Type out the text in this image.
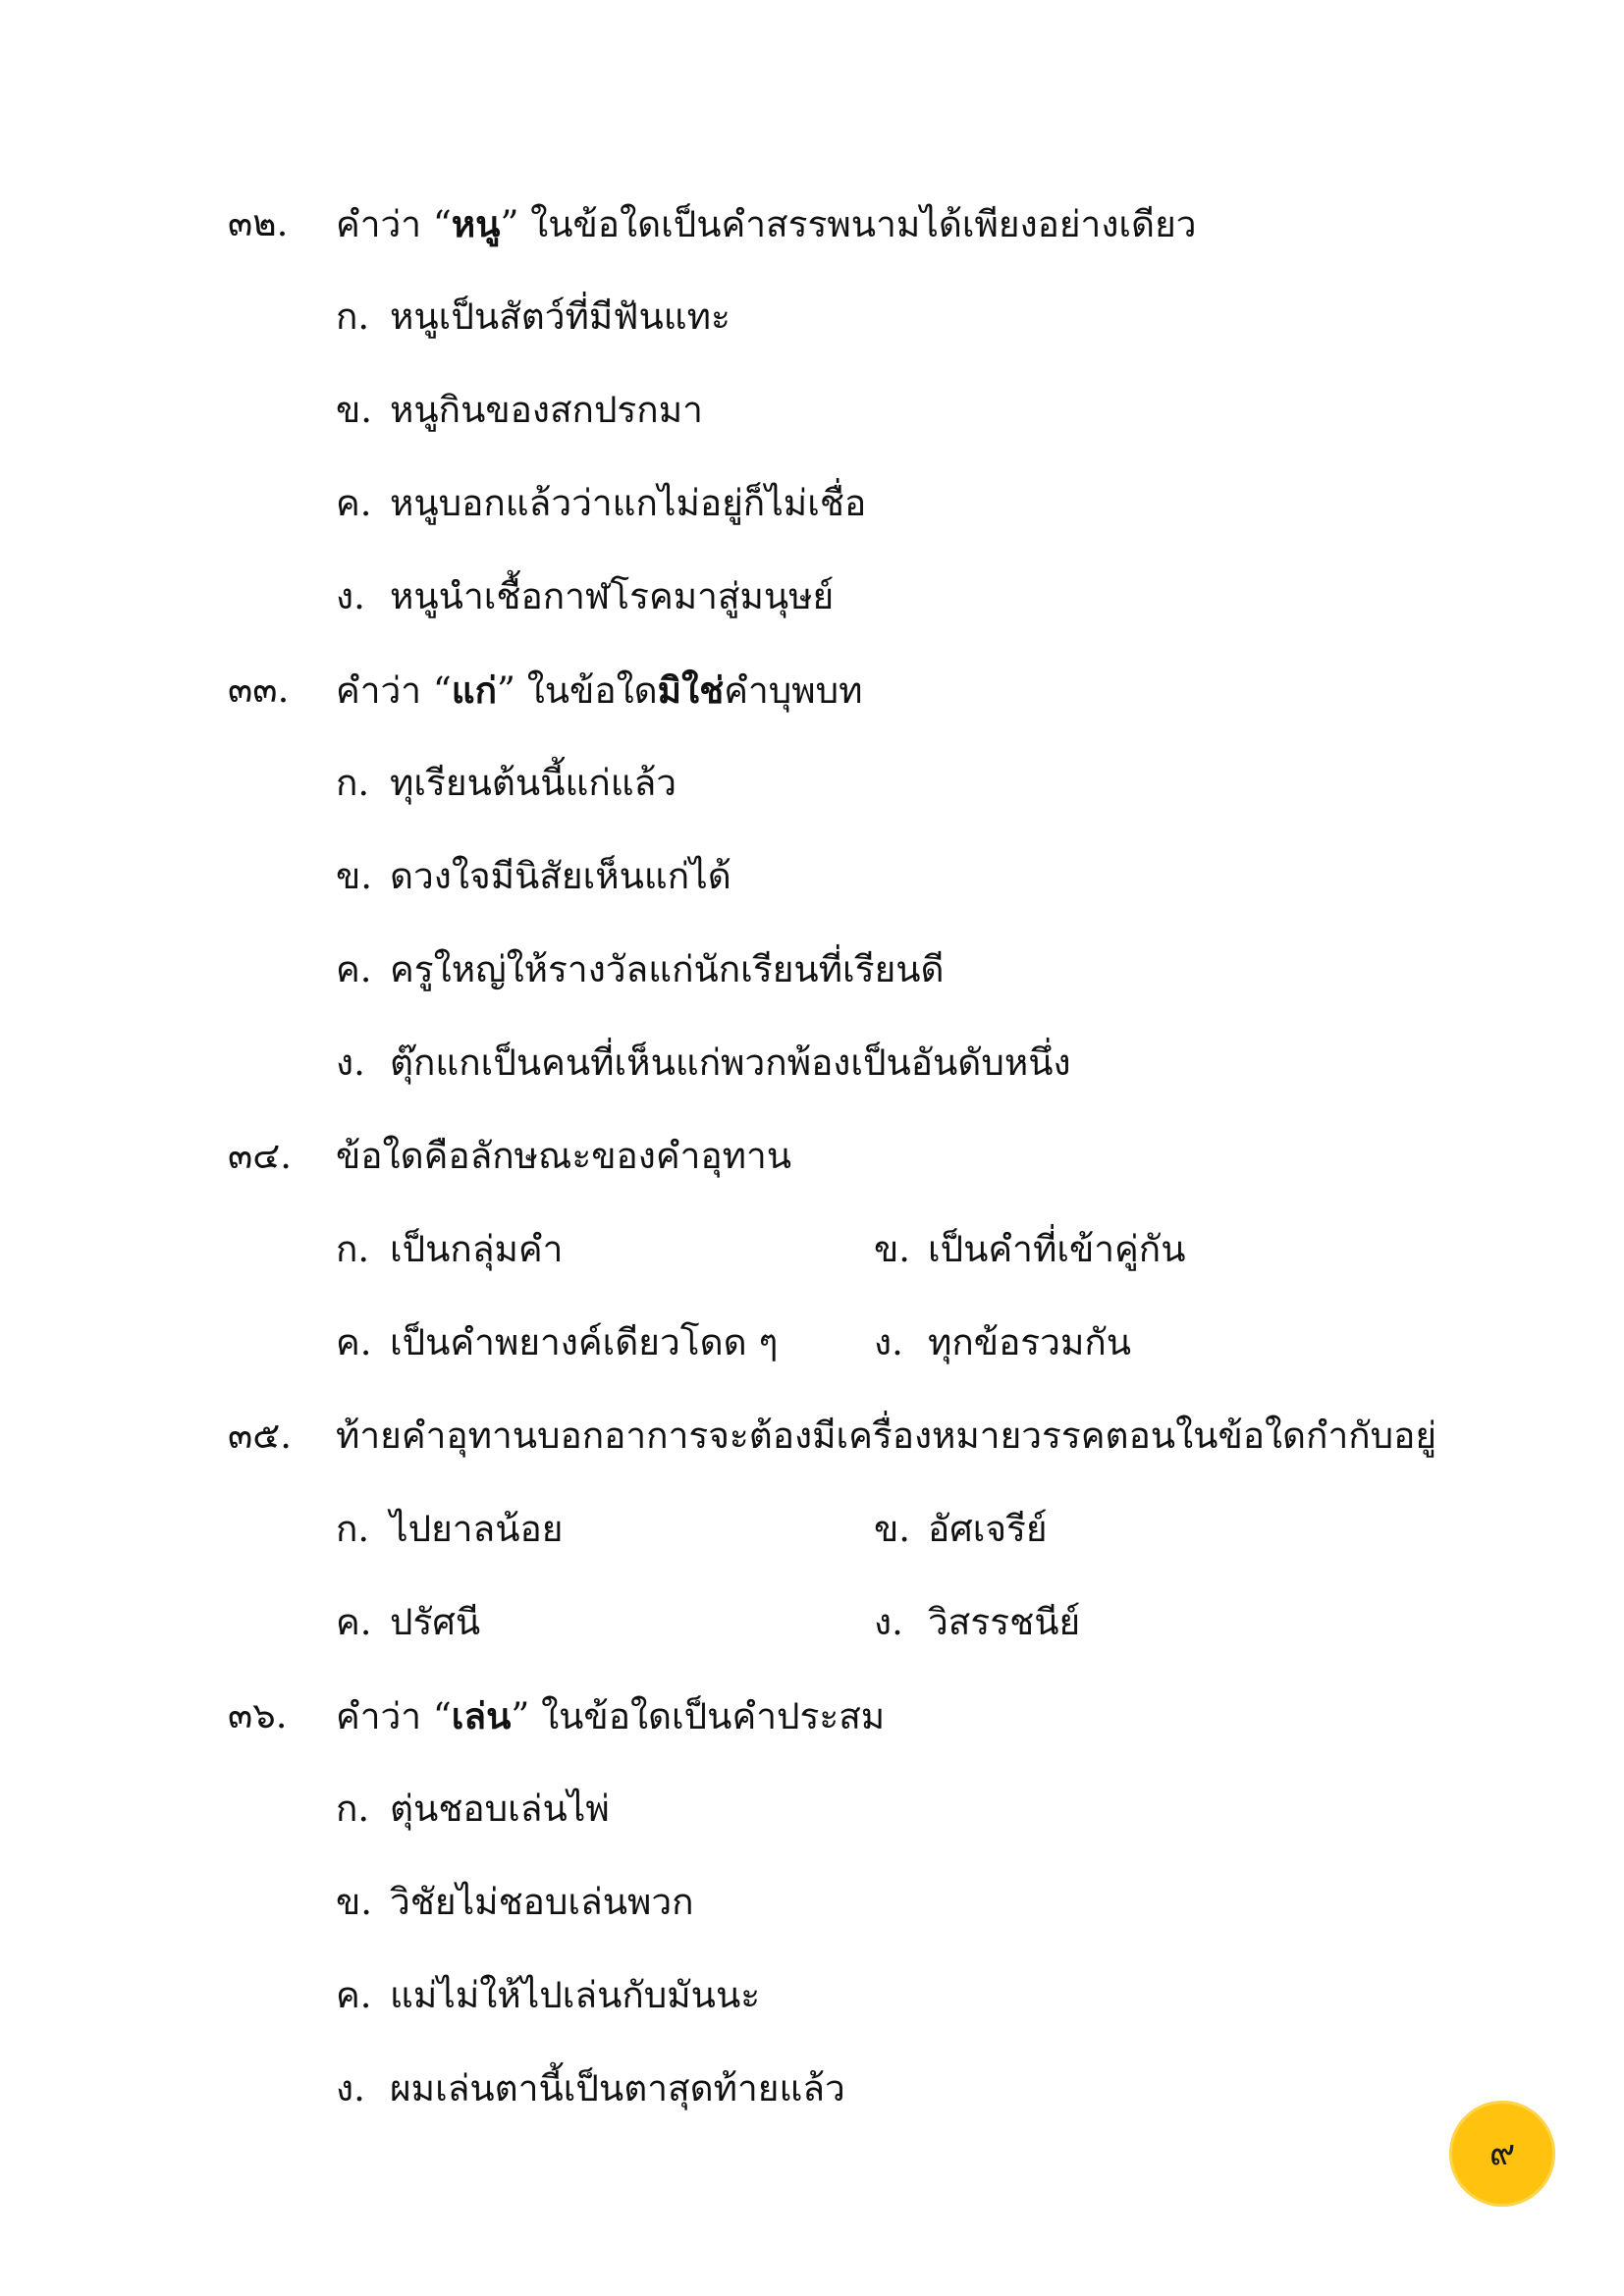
๓๒.	คำว่า “หนู” ในข้อใดเป็นคำสรรพนามได้เพียงอย่างเดียว
ก. หนูเป็นสัตว์ที่มีฟันแทะ
ข. หนูกินของสกปรกมา
ค. หนูบอกแล้วว่าแกไม่อยู่ก็ไม่เชื่อ
ง. หนูนำเชื้อกาฬโรคมาสู่มนุษย์
๓๓.	คำว่า “แก่” ในข้อใดมิใช่คำบุพบท
ก. ทุเรียนต้นนี้แก่แล้ว
ข. ดวงใจมีนิสัยเห็นแก่ได้
ค. ครูใหญ่ให้รางวัลแก่นักเรียนที่เรียนดี
ง. ตุ๊กแกเป็นคนที่เห็นแก่พวกพ้องเป็นอันดับหนึ่ง
๓๔.	ข้อใดคือลักษณะของคำอุทาน
ก. เป็นกลุ่มคำ	ข. เป็นคำที่เข้าคู่กัน
ค. เป็นคำพยางค์เดียวโดด ๆ	ง. ทุกข้อรวมกัน
๓๕.	ท้ายคำอุทานบอกอาการจะต้องมีเครื่องหมายวรรคตอนในข้อใดกำกับอยู่
ก. ไปยาลน้อย	ข. อัศเจรีย์
ค. ปรัศนี	ง. วิสรรชนีย์
๓๖.	คำว่า “เล่น” ในข้อใดเป็นคำประสม
ก. ตุ่นชอบเล่นไพ่
ข. วิชัยไม่ชอบเล่นพวก
ค. แม่ไม่ให้ไปเล่นกับมันนะ
ง. ผมเล่นตานี้เป็นตาสุดท้ายแล้ว
๙
